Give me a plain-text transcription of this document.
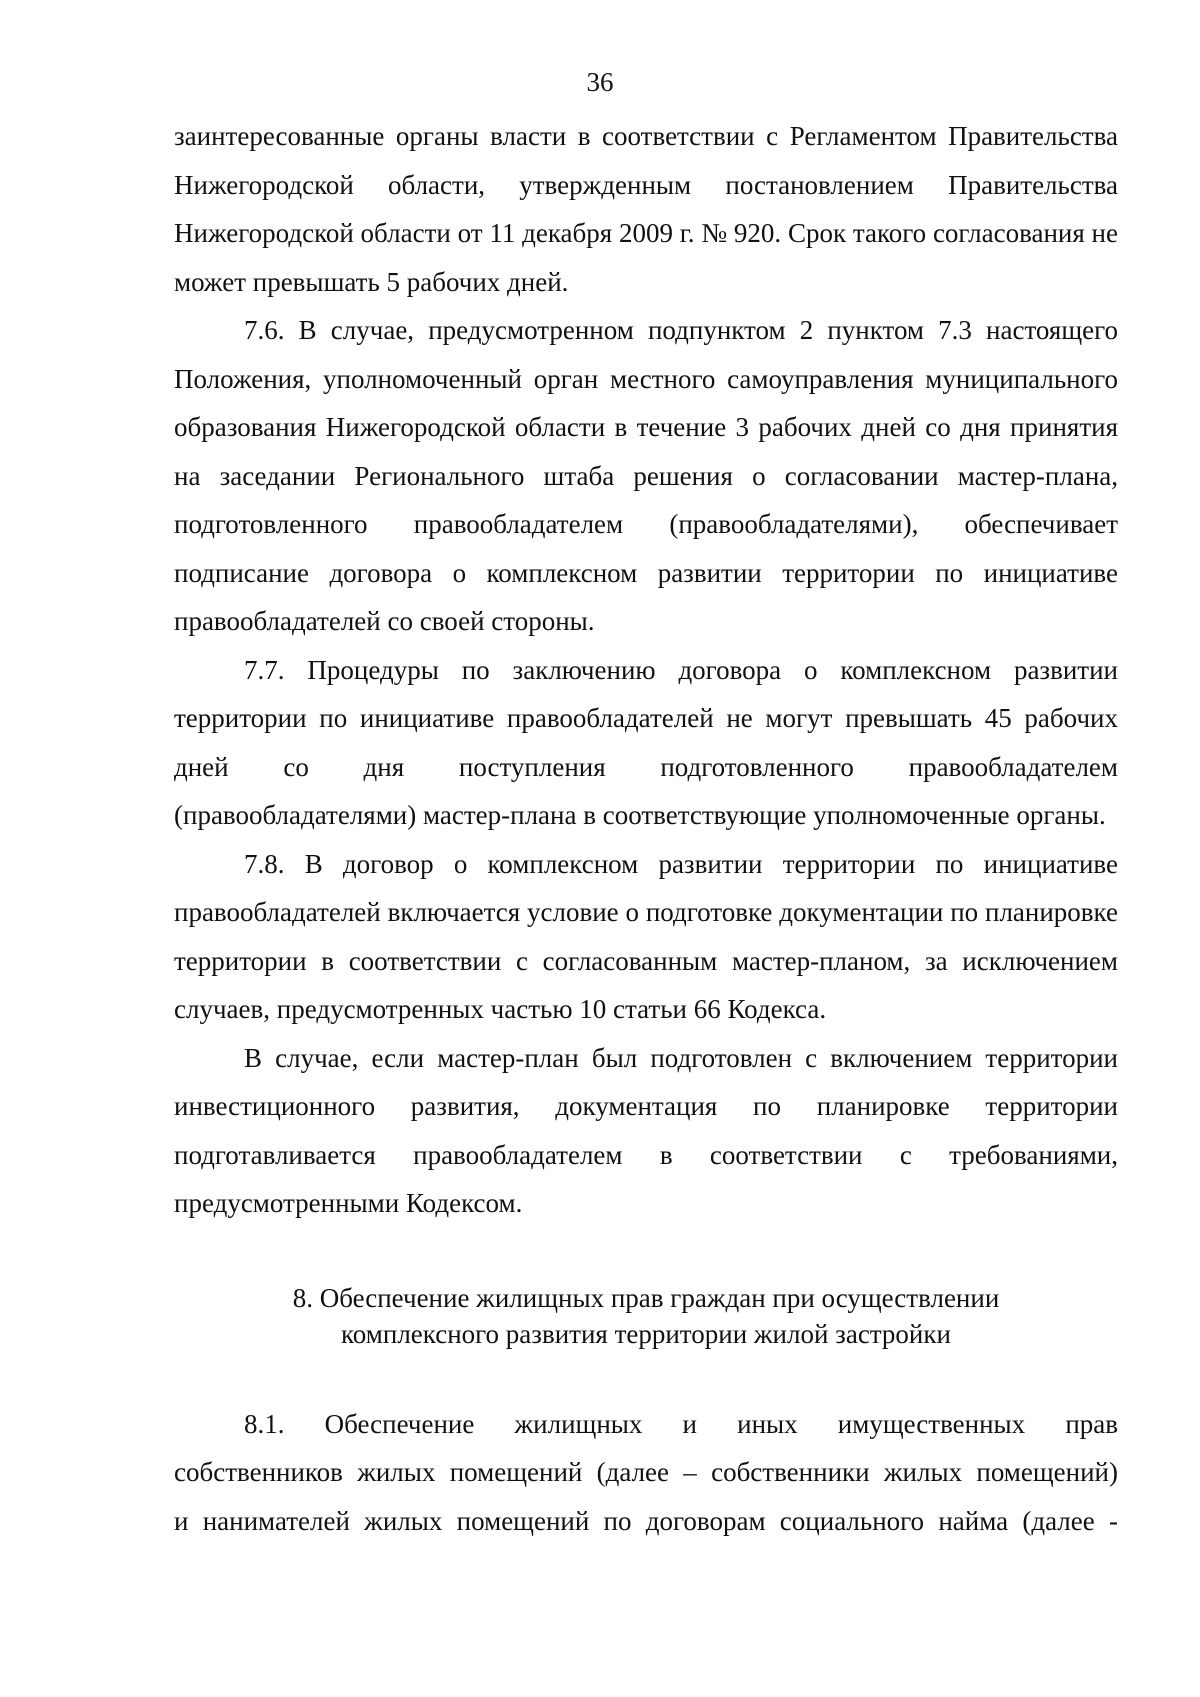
36

заинтересованные органы власти в соответствии с Регламентом Правительства Нижегородской области, утвержденным постановлением Правительства Нижегородской области от 11 декабря 2009 г. № 920. Срок такого согласования не может превышать 5 рабочих дней.

7.6. В случае, предусмотренном подпунктом 2 пунктом 7.3 настоящего Положения, уполномоченный орган местного самоуправления муниципального образования Нижегородской области в течение 3 рабочих дней со дня принятия на заседании Регионального штаба решения о согласовании мастер-плана, подготовленного правообладателем (правообладателями), обеспечивает подписание договора о комплексном развитии территории по инициативе правообладателей со своей стороны.

7.7. Процедуры по заключению договора о комплексном развитии территории по инициативе правообладателей не могут превышать 45 рабочих дней со дня поступления подготовленного правообладателем (правообладателями) мастер-плана в соответствующие уполномоченные органы.

7.8. В договор о комплексном развитии территории по инициативе правообладателей включается условие о подготовке документации по планировке территории в соответствии с согласованным мастер-планом, за исключением случаев, предусмотренных частью 10 статьи 66 Кодекса.

В случае, если мастер-план был подготовлен с включением территории инвестиционного развития, документация по планировке территории подготавливается правообладателем в соответствии с требованиями, предусмотренными Кодексом.

8. Обеспечение жилищных прав граждан при осуществлении
комплексного развития территории жилой застройки
8.1. Обеспечение жилищных и иных имущественных прав
собственников жилых помещений (далее – собственники жилых помещений)
и нанимателей жилых помещений по договорам социального найма (далее -
